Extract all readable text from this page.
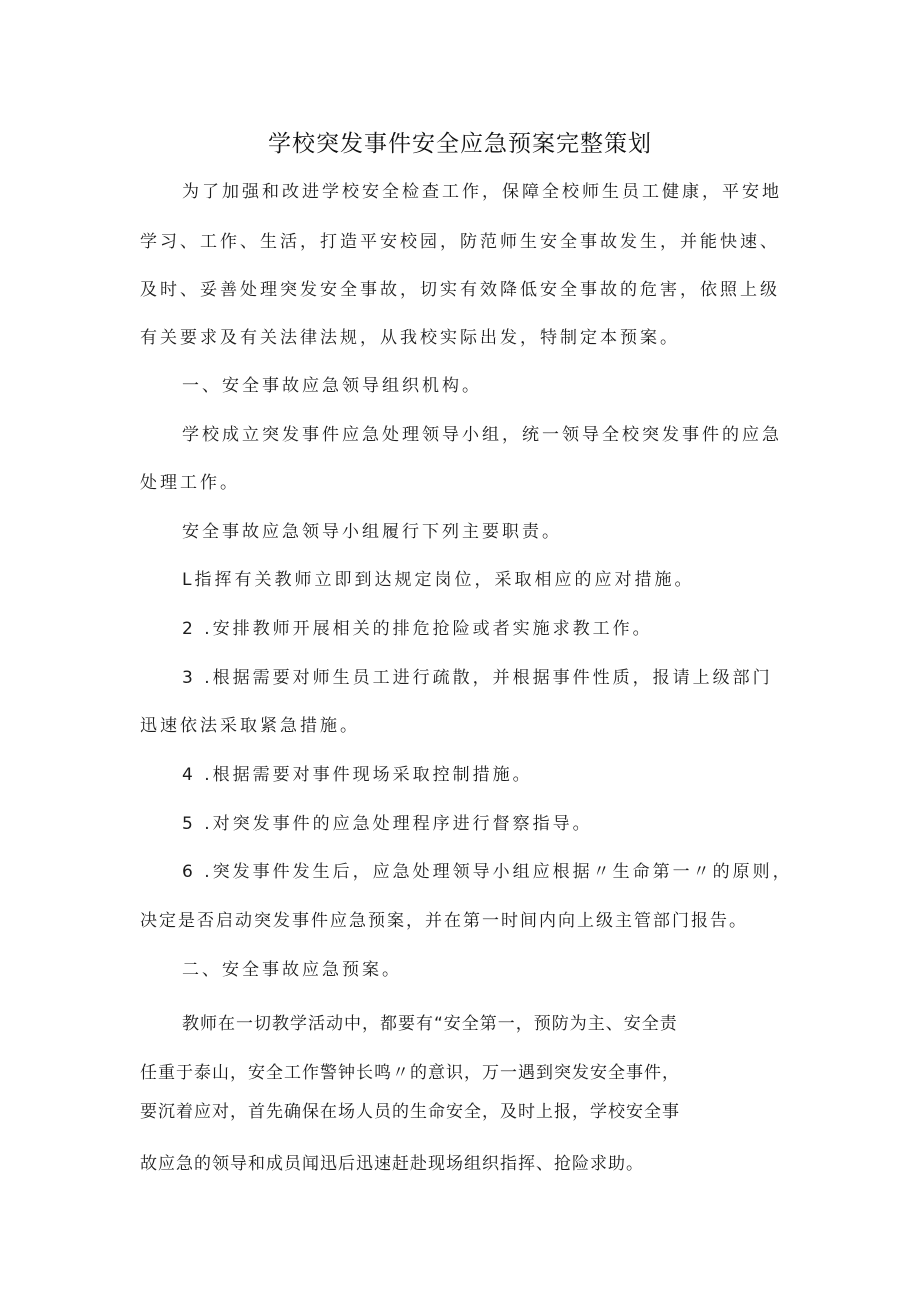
学校突发事件安全应急预案完整策划
为了加强和改进学校安全检查工作，保障全校师生员工健康，平安地
学习、工作、生活，打造平安校园，防范师生安全事故发生，并能快速、
及时、妥善处理突发安全事故，切实有效降低安全事故的危害，依照上级
有关要求及有关法律法规，从我校实际出发，特制定本预案。
一、安全事故应急领导组织机构。
学校成立突发事件应急处理领导小组，统一领导全校突发事件的应急
处理工作。
安全事故应急领导小组履行下列主要职责。
L指挥有关教师立即到达规定岗位，采取相应的应对措施。
2 .安排教师开展相关的排危抢险或者实施求教工作。
3 .根据需要对师生员工进行疏散，并根据事件性质，报请上级部门
迅速依法采取紧急措施。
4 .根据需要对事件现场采取控制措施。
5 .对突发事件的应急处理程序进行督察指导。
6 .突发事件发生后，应急处理领导小组应根据〃生命第一〃的原则，
决定是否启动突发事件应急预案，并在第一时间内向上级主管部门报告。
二、安全事故应急预案。
教师在一切教学活动中，都要有“安全第一，预防为主、安全责
任重于泰山，安全工作警钟长鸣〃的意识，万一遇到突发安全事件，
要沉着应对，首先确保在场人员的生命安全，及时上报，学校安全事
故应急的领导和成员闻迅后迅速赶赴现场组织指挥、抢险求助。
